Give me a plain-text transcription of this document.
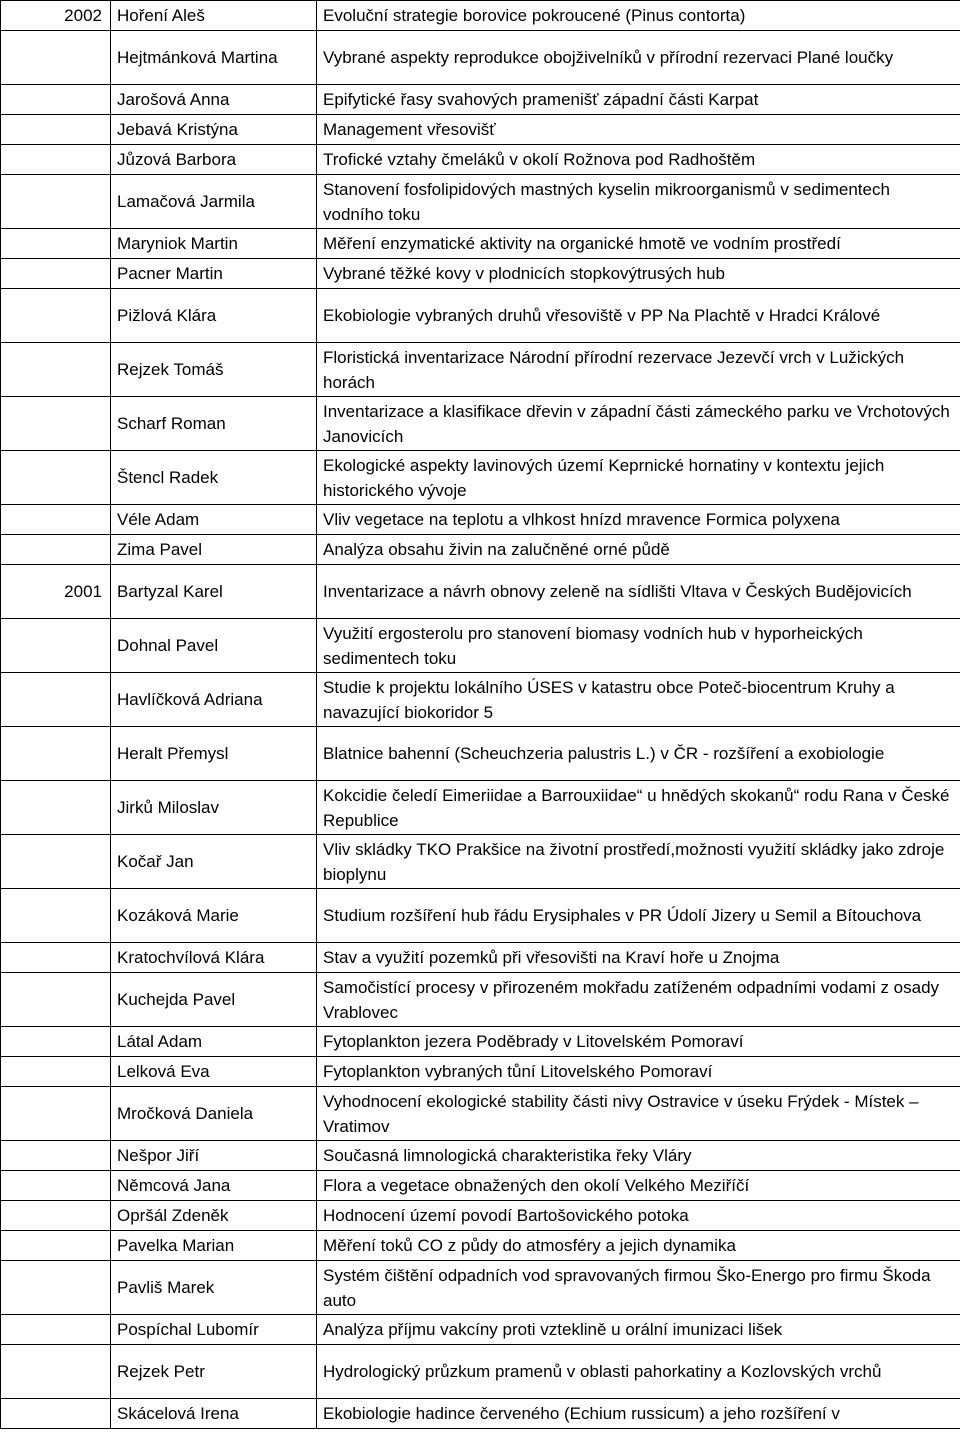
2002	Hoření Aleš	Evoluční strategie borovice pokroucené (Pinus contorta)
	Hejtmánková Martina	Vybrané aspekty reprodukce obojživelníků v přírodní rezervaci Plané loučky
	Jarošová Anna	Epifytické řasy svahových pramenišť západní části Karpat
	Jebavá Kristýna	Management vřesovišť
	Jůzová Barbora	Trofické vztahy čmeláků v okolí Rožnova pod Radhoštěm
	Lamačová Jarmila	Stanovení fosfolipidových mastných kyselin mikroorganismů v sedimentech vodního toku
	Maryniok Martin	Měření enzymatické aktivity na organické hmotě ve vodním prostředí
	Pacner Martin	Vybrané těžké kovy v plodnicích stopkovýtrusých hub
	Pižlová Klára	Ekobiologie vybraných druhů vřesoviště v PP Na Plachtě v Hradci Králové
	Rejzek Tomáš	Floristická inventarizace Národní přírodní rezervace Jezevčí vrch v Lužických horách
	Scharf Roman	Inventarizace a klasifikace dřevin v západní části zámeckého parku ve Vrchotových Janovicích
	Štencl Radek	Ekologické aspekty lavinových území Keprnické hornatiny v kontextu jejich historického vývoje
	Véle Adam	Vliv vegetace na teplotu a vlhkost hnízd mravence Formica polyxena
	Zima Pavel	Analýza obsahu živin na zalučněné orné půdě
2001	Bartyzal Karel	Inventarizace a návrh obnovy zeleně na sídlišti Vltava v Českých Budějovicích
	Dohnal Pavel	Využití ergosterolu pro stanovení biomasy vodních hub v hyporheických sedimentech toku
	Havlíčková Adriana	Studie k projektu lokálního ÚSES v katastru obce Poteč-biocentrum Kruhy a navazující biokoridor 5
	Heralt Přemysl	Blatnice bahenní (Scheuchzeria palustris L.) v ČR - rozšíření a exobiologie
	Jirků Miloslav	Kokcidie čeledí Eimeriidae a Barrouxiidae“ u hnědých skokanů“ rodu Rana v České Republice
	Kočař Jan	Vliv skládky TKO Prakšice na životní prostředí,možnosti využití skládky jako zdroje bioplynu
	Kozáková Marie	Studium rozšíření hub řádu Erysiphales v PR Údolí Jizery u Semil a Bítouchova
	Kratochvílová Klára	Stav a využití pozemků při vřesovišti na Kraví hoře u Znojma
	Kuchejda Pavel	Samočistící procesy v přirozeném mokřadu zatíženém odpadními vodami z osady Vrablovec
	Látal Adam	Fytoplankton jezera Poděbrady v Litovelském Pomoraví
	Lelková Eva	Fytoplankton vybraných tůní Litovelského Pomoraví
	Mročková Daniela	Vyhodnocení ekologické stability části nivy Ostravice v úseku Frýdek - Místek – Vratimov
	Nešpor Jiří	Současná limnologická charakteristika řeky Vláry
	Němcová Jana	Flora a vegetace obnažených den okolí Velkého Meziříčí
	Opršál Zdeněk	Hodnocení území povodí Bartošovického potoka
	Pavelka Marian	Měření toků CO z půdy do atmosféry a jejich dynamika
	Pavliš Marek	Systém čištění odpadních vod spravovaných firmou Ško-Energo pro firmu Škoda auto
	Pospíchal Lubomír	Analýza příjmu vakcíny proti vzteklině u orální imunizaci lišek
	Rejzek Petr	Hydrologický průzkum pramenů v oblasti pahorkatiny a Kozlovských vrchů
	Skácelová Irena	Ekobiologie hadince červeného (Echium russicum) a jeho rozšíření v
